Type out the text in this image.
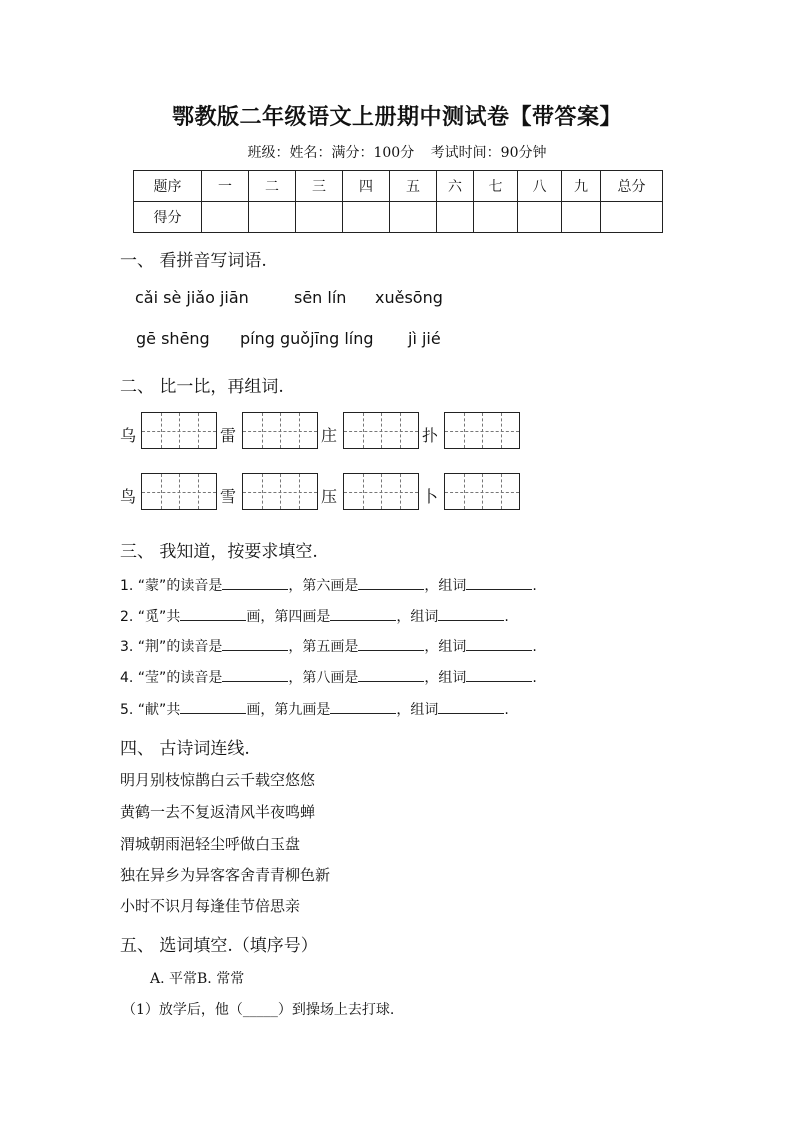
鄂教版二年级语文上册期中测试卷【带答案】
班级：姓名：满分：100分 考试时间：90分钟
题序	一	二	三	四	五	六	七	八	九	总分
得分										
一、 看拼音写词语.
cǎi sè jiǎo jiān	sēn lín xuěsōng
gē shēng píng guǒjīng líng jì jié
二、 比一比，再组词.
乌	雷	庄	扑
鸟	雪	压	卜
三、 我知道，按要求填空.
1. “蒙”的读音是	，第六画是	，组词	.
2. “觅”共	画，第四画是	，组词	.
3. “荆”的读音是	，第五画是	，组词	.
4. “莹”的读音是	，第八画是	，组词	.
5. “献”共	画，第九画是	，组词	.
四、 古诗词连线.
明月别枝惊鹊白云千载空悠悠
黄鹤一去不复返清风半夜鸣蝉
渭城朝雨浥轻尘呼做白玉盘
独在异乡为异客客舍青青柳色新
小时不识月每逢佳节倍思亲
五、 选词填空.（填序号）
A. 平常B. 常常
（1）放学后，他（_____）到操场上去打球.
